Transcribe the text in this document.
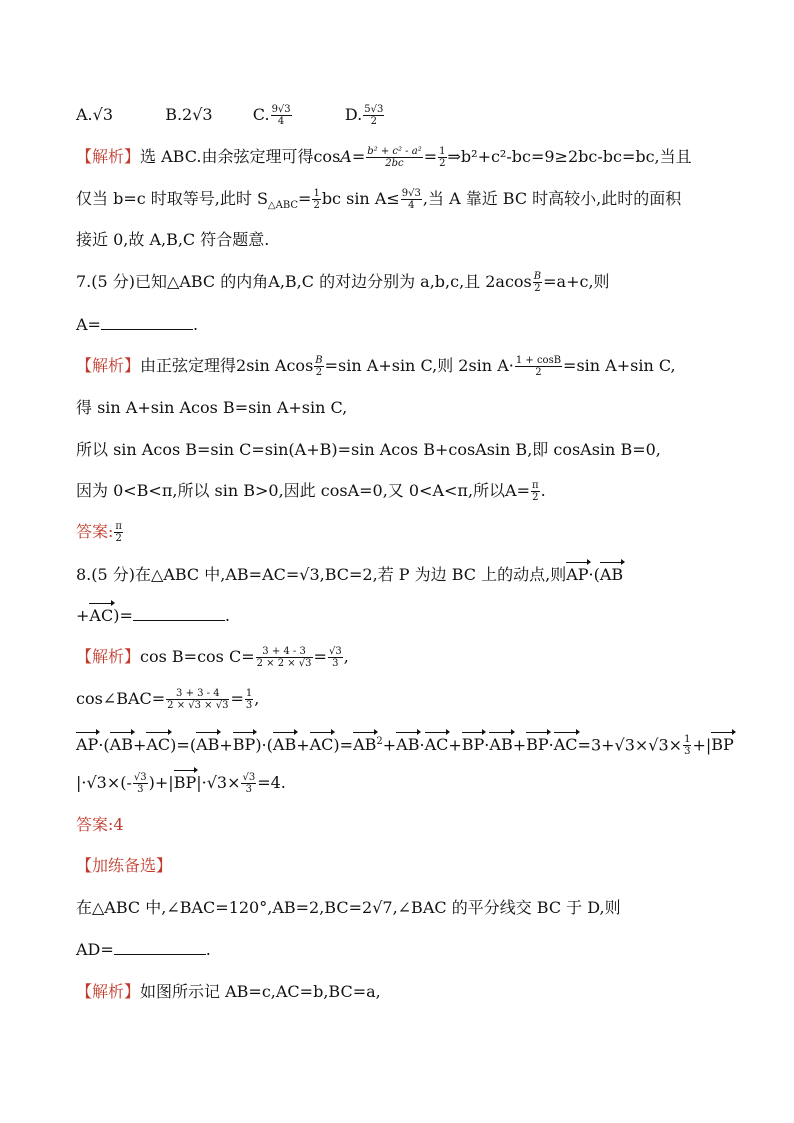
A.√3	B.2√3	C. $\frac{9√3}{4}$	D. $\frac{5√3}{2}$
【解析】选 ABC.由余弦定理可得$\cos A= \frac{\text{b² + c² - a²}}{2bc} = \frac{1}{2}$ ⇒b²+c²-bc=9≥2bc-bc=bc,当且
仅当 b=c 时取等号,此时 $S_{\triangle ABC}= \frac{1}{2}$ bc $\sin A\le \frac{9√3}{4}$ ,当 A 靠近 BC 时高较小,此时的面积
接近 0,故 A,B,C 符合题意.
7.(5 分)已知△ABC 的内角A,B,C 的对边分别为 a,b,c,且 $2acos \frac{B}{2} =a+c$,则
A=	.
【解析】由正弦定理得2sin Acos $\frac{B}{2} =\sin$ A+sin C,则 2sin $A\cdot \frac{1 + \cos B}{2} =\sin$ A+sin C,
得 sin A+sin Acos B=sin A+sin C,
所以 sin Acos B=sin C=sin(A+B)=sin Acos B+cosAsin B,即 cosAsin B=0,
因为 0<B<π,所以 sin B>0,因此 cosA=0,又 0<A<π,所以$A= \frac{\pi}{2}$ .
答案: $\frac{\pi}{2}$
8.(5 分)在△ABC 中,AB=AC=√3,BC=2,若 P 为边 BC 上的动点,则AP·(AB
+AC)=	.
【解析】cos B=cos $C= \frac{3 + 4 - 3}{2 \times 2 \times √3} = \frac{√3}{3}$ ,
cos∠BAC= $\frac{3 + 3 - 4}{2 \times √3 \times √3} = \frac{1}{3}$ ,
$AP\cdot(AB+AC)=(AB+BP)\cdot(AB+AC)=AB^2+AB\cdot AC+BP\cdot AB+BP\cdot AC=3+√3\times√3\times \frac{1}{3} +|BP$
$|\cdot√3\times(- \frac{√3}{3} )+|BP|\cdot√3\times \frac{√3}{3} =4$.
答案:4
【加练备选】
在△ABC 中,∠BAC=120°,AB=2,BC=2√7,∠BAC 的平分线交 BC 于 D,则
AD=	.
【解析】如图所示记 AB=c,AC=b,BC=a,
